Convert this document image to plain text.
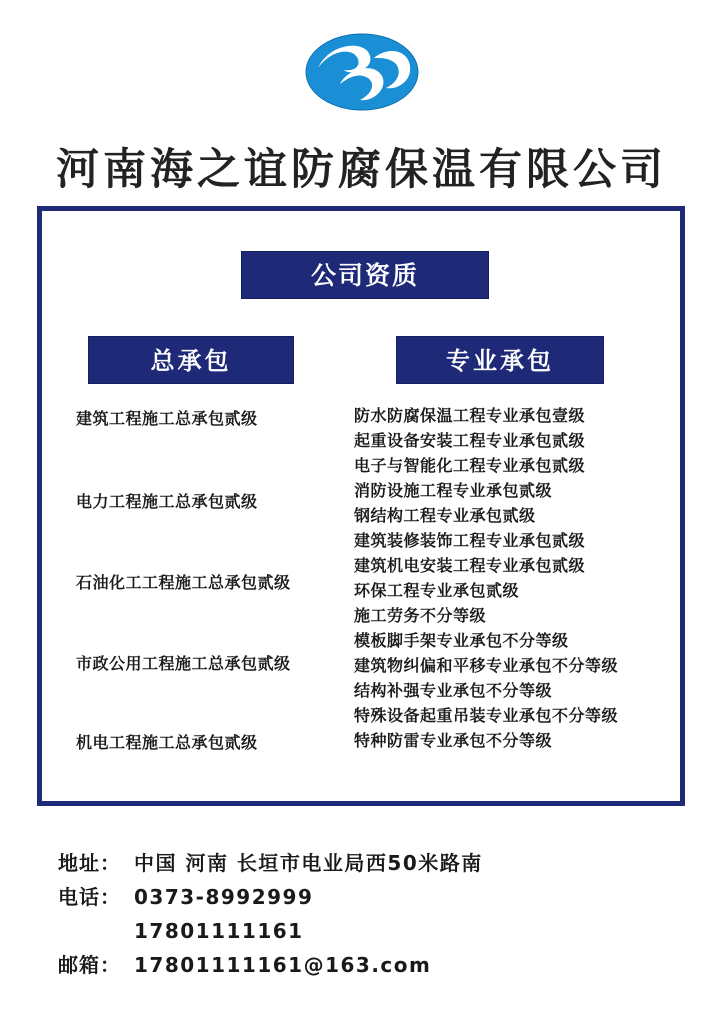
河南海之谊防腐保温有限公司
公司资质
总承包	专业承包
建筑工程施工总承包贰级
电力工程施工总承包贰级
石油化工工程施工总承包贰级
市政公用工程施工总承包贰级
机电工程施工总承包贰级
防水防腐保温工程专业承包壹级
起重设备安装工程专业承包贰级
电子与智能化工程专业承包贰级
消防设施工程专业承包贰级
钢结构工程专业承包贰级
建筑装修装饰工程专业承包贰级
建筑机电安装工程专业承包贰级
环保工程专业承包贰级
施工劳务不分等级
模板脚手架专业承包不分等级
建筑物纠偏和平移专业承包不分等级
结构补强专业承包不分等级
特殊设备起重吊装专业承包不分等级
特种防雷专业承包不分等级
地址： 中国 河南 长垣市电业局西50米路南
电话： 0373-8992999
17801111161
邮箱： 17801111161@163.com
